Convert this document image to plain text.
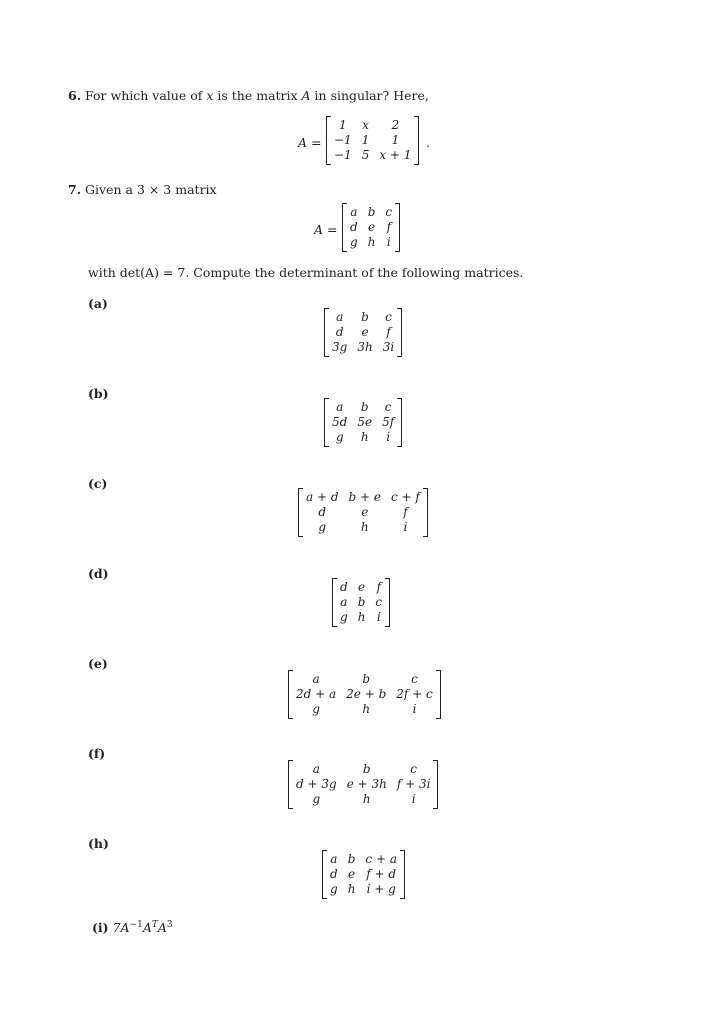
6. For which value of x is the matrix A in singular? Here,
A =
1	x	2
−1	1	1
−1	5	x + 1
.
7. Given a 3 × 3 matrix
A =
a	b	c
d	e	f
g	h	i
with det(A) = 7. Compute the determinant of the following matrices.
(a)
a	b	c
d	e	f
3g	3h	3i
(b)
a	b	c
5d	5e	5f
g	h	i
(c)
a + d	b + e	c + f
d	e	f
g	h	i
(d)
d	e	f
a	b	c
g	h	i
(e)
a	b	c
2d + a	2e + b	2f + c
g	h	i
(f)
a	b	c
d + 3g	e + 3h	f + 3i
g	h	i
(h)
a	b	c + a
d	e	f + d
g	h	i + g
(i) $7A^{-1}A^TA^3$
